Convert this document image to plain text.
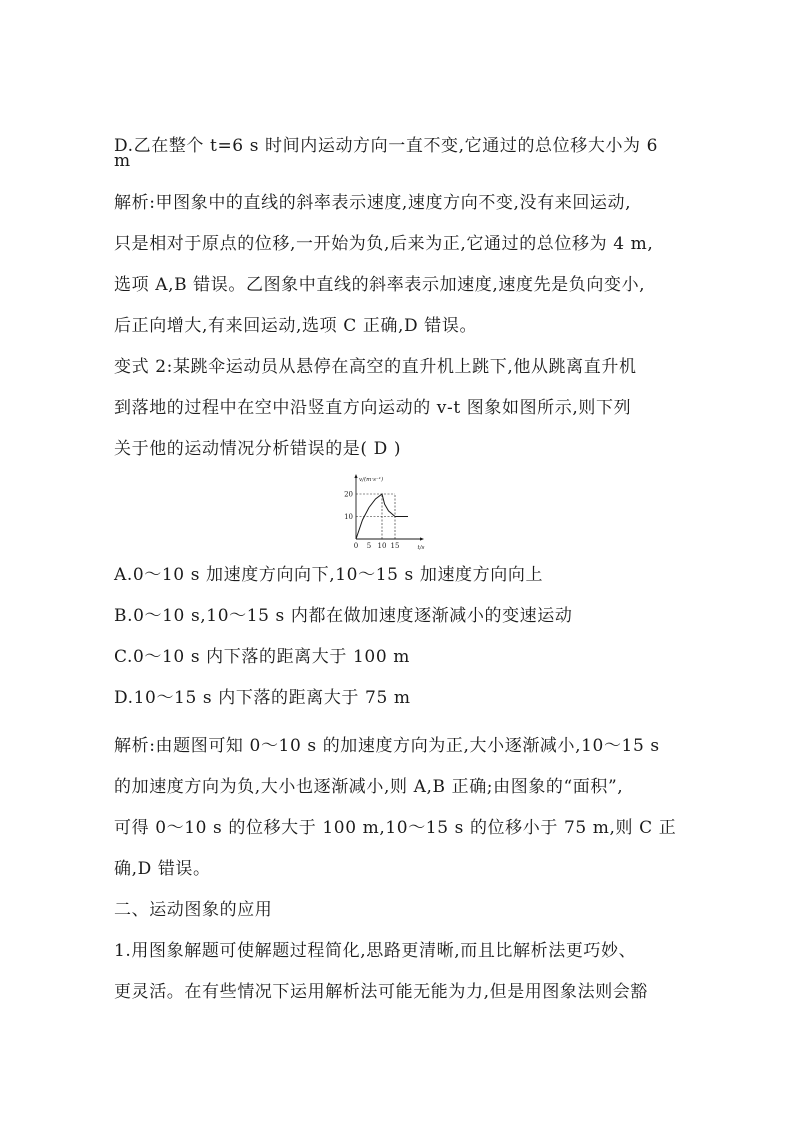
D.乙在整个 t=6 s 时间内运动方向一直不变,它通过的总位移大小为 6
m
解析:甲图象中的直线的斜率表示速度,速度方向不变,没有来回运动,
只是相对于原点的位移,一开始为负,后来为正,它通过的总位移为 4 m,
选项 A,B 错误。乙图象中直线的斜率表示加速度,速度先是负向变小,
后正向增大,有来回运动,选项 C 正确,D 错误。
变式 2:某跳伞运动员从悬停在高空的直升机上跳下,他从跳离直升机
到落地的过程中在空中沿竖直方向运动的 v-t 图象如图所示,则下列
关于他的运动情况分析错误的是( D )
0 5 10 15
10
20
v/(m·s⁻¹)
t/s
A.0～10 s 加速度方向向下,10～15 s 加速度方向向上
B.0～10 s,10～15 s 内都在做加速度逐渐减小的变速运动
C.0～10 s 内下落的距离大于 100 m
D.10～15 s 内下落的距离大于 75 m
解析:由题图可知 0～10 s 的加速度方向为正,大小逐渐减小,10～15 s
的加速度方向为负,大小也逐渐减小,则 A,B 正确;由图象的“面积”,
可得 0～10 s 的位移大于 100 m,10～15 s 的位移小于 75 m,则 C 正
确,D 错误。
二、运动图象的应用
1.用图象解题可使解题过程简化,思路更清晰,而且比解析法更巧妙、
更灵活。在有些情况下运用解析法可能无能为力,但是用图象法则会豁
